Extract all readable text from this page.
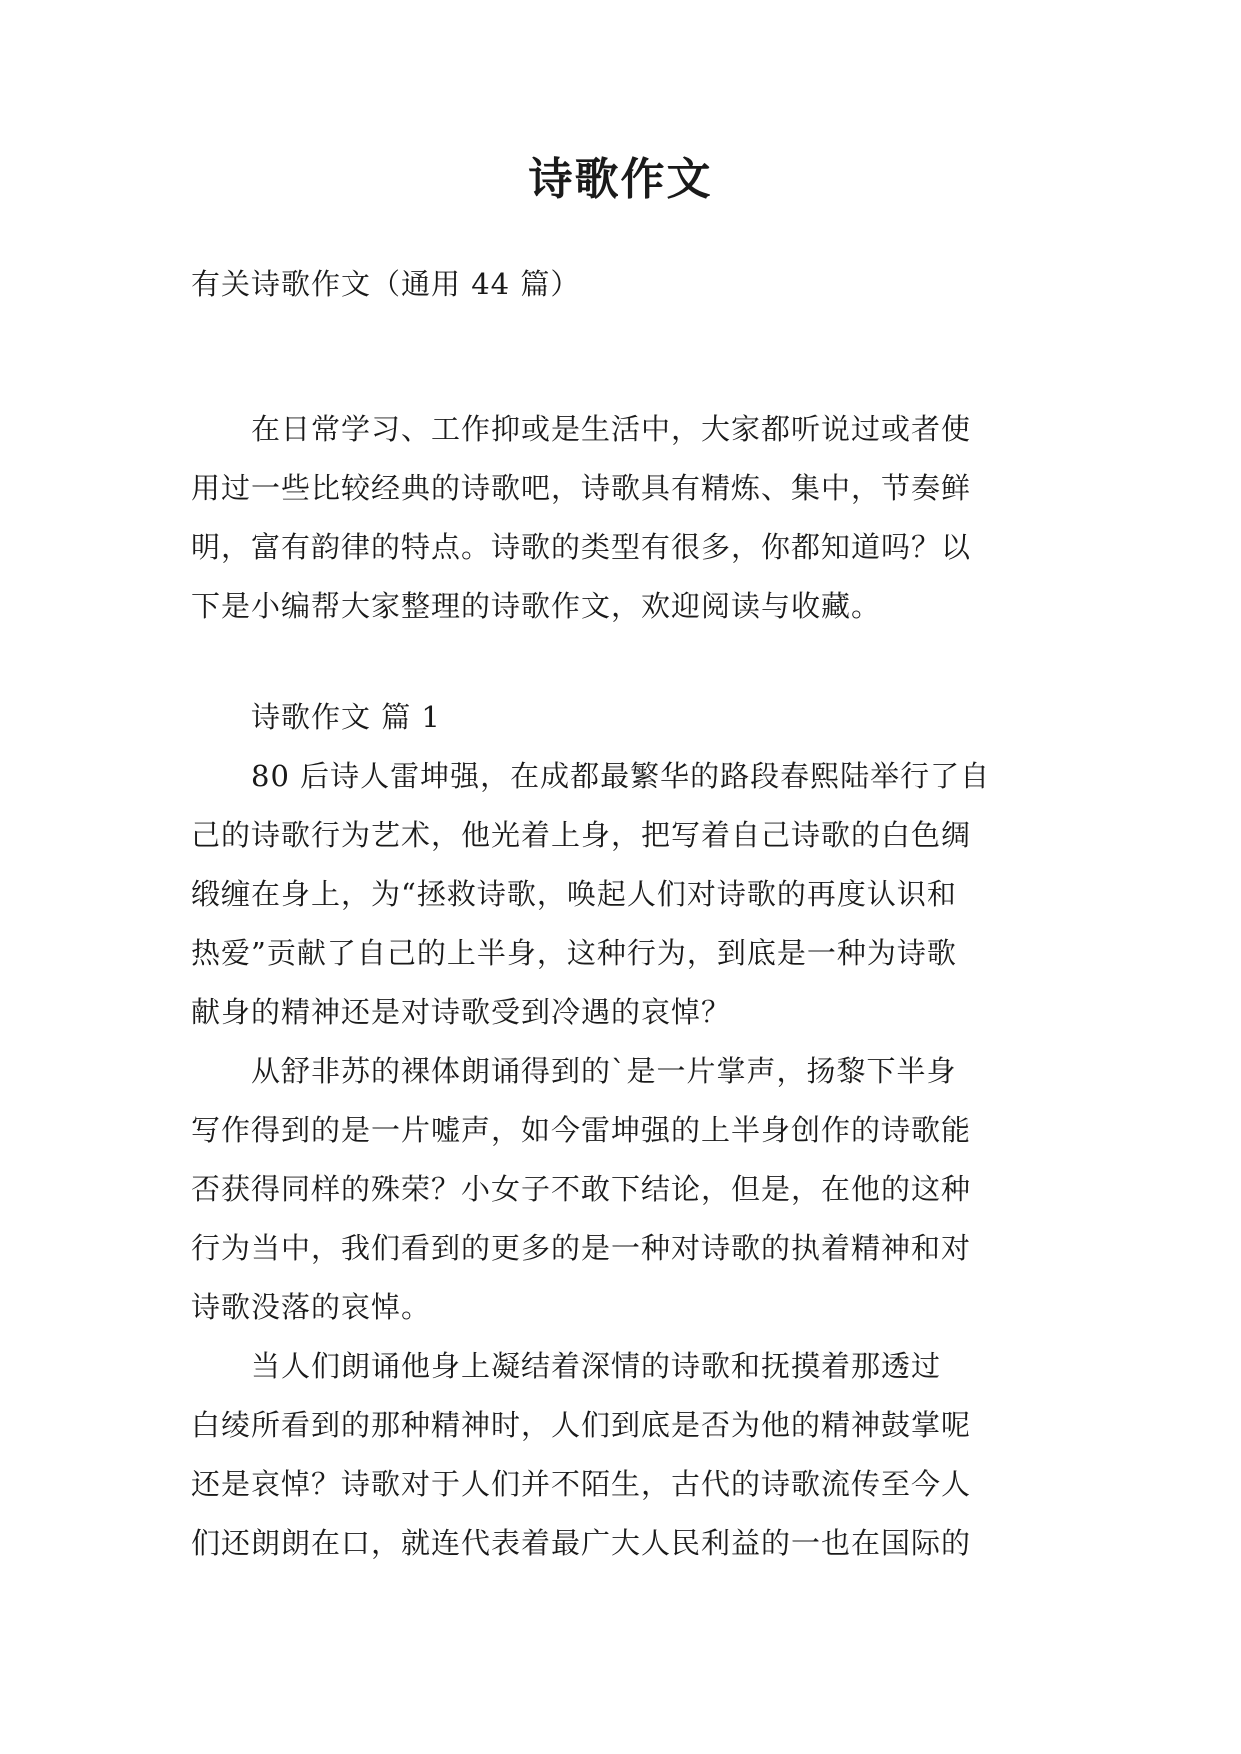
诗歌作文
有关诗歌作文（通用 44 篇）
　　在日常学习、工作抑或是生活中，大家都听说过或者使
用过一些比较经典的诗歌吧，诗歌具有精炼、集中，节奏鲜
明，富有韵律的特点。诗歌的类型有很多，你都知道吗？以
下是小编帮大家整理的诗歌作文，欢迎阅读与收藏。
　　诗歌作文 篇 1
　　80 后诗人雷坤强，在成都最繁华的路段春熙陆举行了自
己的诗歌行为艺术，他光着上身，把写着自己诗歌的白色绸
缎缠在身上，为“拯救诗歌，唤起人们对诗歌的再度认识和
热爱”贡献了自己的上半身，这种行为，到底是一种为诗歌
献身的精神还是对诗歌受到冷遇的哀悼？
　　从舒非苏的裸体朗诵得到的`是一片掌声，扬黎下半身
写作得到的是一片嘘声，如今雷坤强的上半身创作的诗歌能
否获得同样的殊荣？小女子不敢下结论，但是，在他的这种
行为当中，我们看到的更多的是一种对诗歌的执着精神和对
诗歌没落的哀悼。
　　当人们朗诵他身上凝结着深情的诗歌和抚摸着那透过
白绫所看到的那种精神时，人们到底是否为他的精神鼓掌呢
还是哀悼？诗歌对于人们并不陌生，古代的诗歌流传至今人
们还朗朗在口，就连代表着最广大人民利益的一也在国际的
